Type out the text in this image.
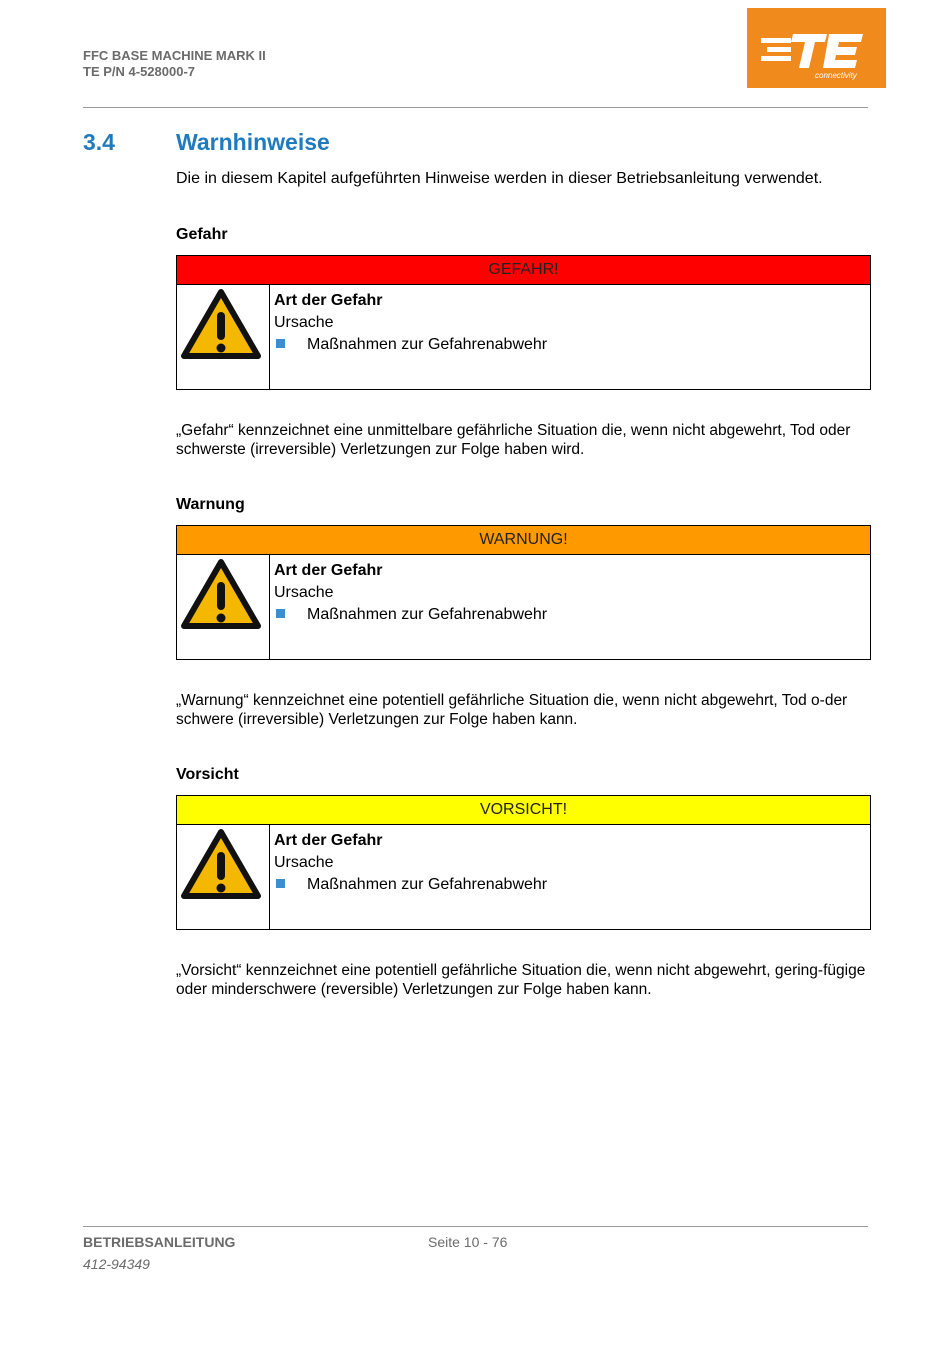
FFC BASE MACHINE MARK II
TE P/N 4-528000-7	connectivity
3.4	Warnhinweise
Die in diesem Kapitel aufgeführten Hinweise werden in dieser Betriebsanleitung verwendet.
Gefahr
GEFAHR!
Art der Gefahr
Ursache
Maßnahmen zur Gefahrenabwehr
„Gefahr“ kennzeichnet eine unmittelbare gefährliche Situation die, wenn nicht abgewehrt, Tod oder schwerste (irreversible) Verletzungen zur Folge haben wird.
Warnung
WARNUNG!
Art der Gefahr
Ursache
Maßnahmen zur Gefahrenabwehr
„Warnung“ kennzeichnet eine potentiell gefährliche Situation die, wenn nicht abgewehrt, Tod o-der schwere (irreversible) Verletzungen zur Folge haben kann.
Vorsicht
VORSICHT!
Art der Gefahr
Ursache
Maßnahmen zur Gefahrenabwehr
„Vorsicht“ kennzeichnet eine potentiell gefährliche Situation die, wenn nicht abgewehrt, gering-fügige oder minderschwere (reversible) Verletzungen zur Folge haben kann.
BETRIEBSANLEITUNG	Seite 10 - 76
412-94349
